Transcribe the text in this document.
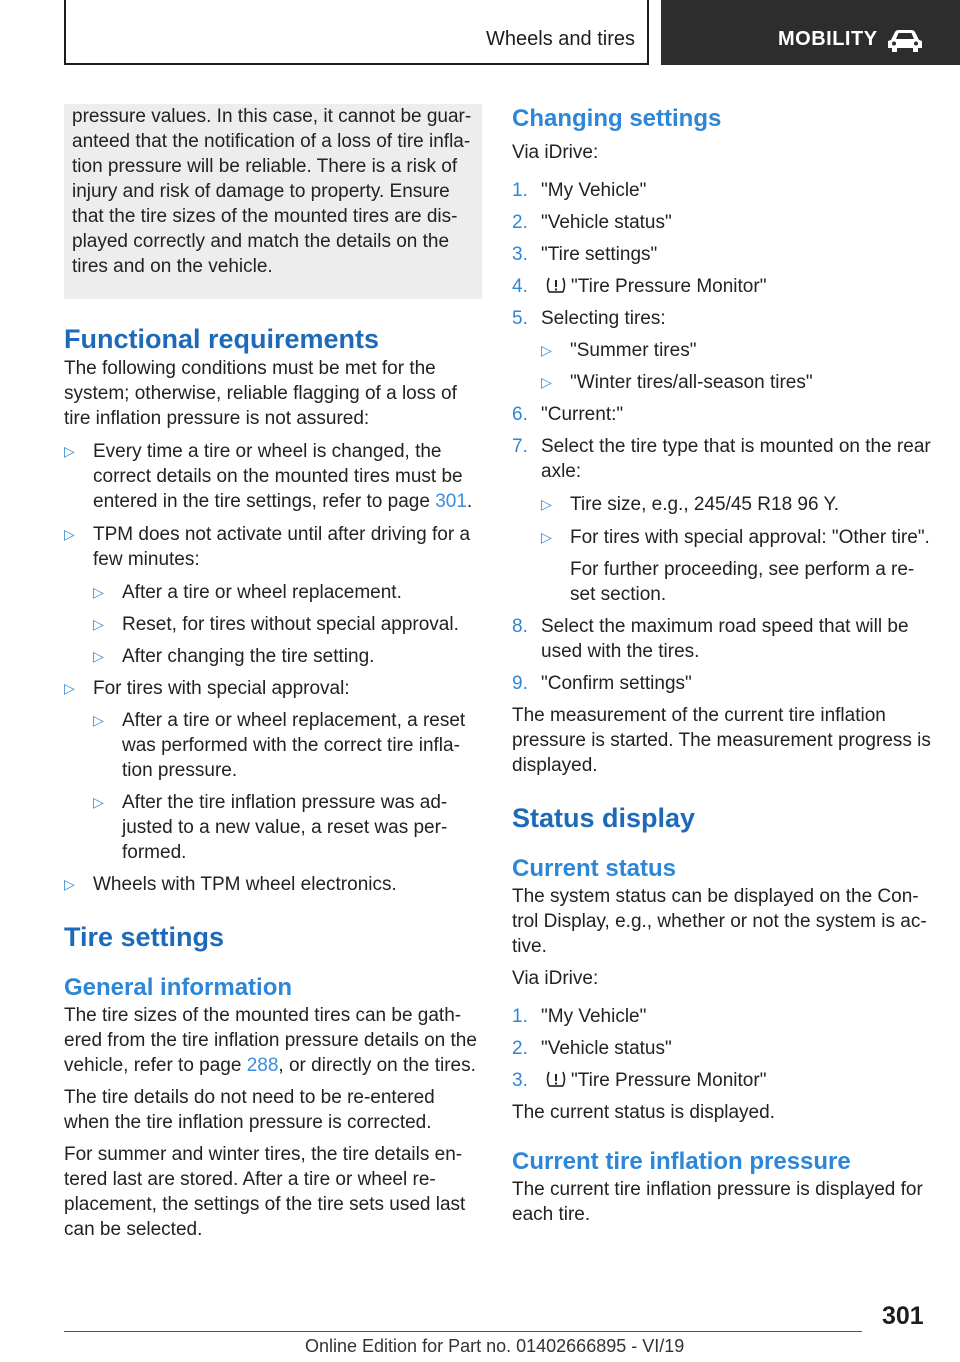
Wheels and tires	MOBILITY

pressure values. In this case, it cannot be guar-

anteed that the notification of a loss of tire infla-

tion pressure will be reliable. There is a risk of

injury and risk of damage to property. Ensure

that the tire sizes of the mounted tires are dis-

played correctly and match the details on the

tires and on the vehicle.

Functional requirements

The following conditions must be met for the system; otherwise, reliable flagging of a loss of tire inflation pressure is not assured:

▷ Every time a tire or wheel is changed, the correct details on the mounted tires must be entered in the tire settings, refer to page 301.
▷ TPM does not activate until after driving for a few minutes:
▷ After a tire or wheel replacement.
▷ Reset, for tires without special approval.
▷ After changing the tire setting.
▷ For tires with special approval:
▷ After a tire or wheel replacement, a reset was performed with the correct tire infla-tion pressure.
▷ After the tire inflation pressure was ad-justed to a new value, a reset was per-formed.
▷ Wheels with TPM wheel electronics.
Tire settings
General information

The tire sizes of the mounted tires can be gath-ered from the tire inflation pressure details on the vehicle, refer to page 288, or directly on the tires.

The tire details do not need to be re-entered when the tire inflation pressure is corrected.

For summer and winter tires, the tire details en-tered last are stored. After a tire or wheel re-placement, the settings of the tire sets used last can be selected.

Changing settings

Via iDrive:

1. "My Vehicle"
2. "Vehicle status"
3. "Tire settings"
4. "Tire Pressure Monitor"
5. Selecting tires:
▷ "Summer tires"
▷ "Winter tires/all-season tires"
6. "Current:"
7. Select the tire type that is mounted on the rear axle:
▷ Tire size, e.g., 245/45 R18 96 Y.
▷ For tires with special approval: "Other tire".

For further proceeding, see perform a re-set section.

8. Select the maximum road speed that will be used with the tires.
9. "Confirm settings"

The measurement of the current tire inflation pressure is started. The measurement progress is displayed.

Status display
Current status

The system status can be displayed on the Con-trol Display, e.g., whether or not the system is ac-tive.

Via iDrive:

1. "My Vehicle"
2. "Vehicle status"
3. "Tire Pressure Monitor"

The current status is displayed.

Current tire inflation pressure

The current tire inflation pressure is displayed for each tire.

301
Online Edition for Part no. 01402666895 - VI/19
